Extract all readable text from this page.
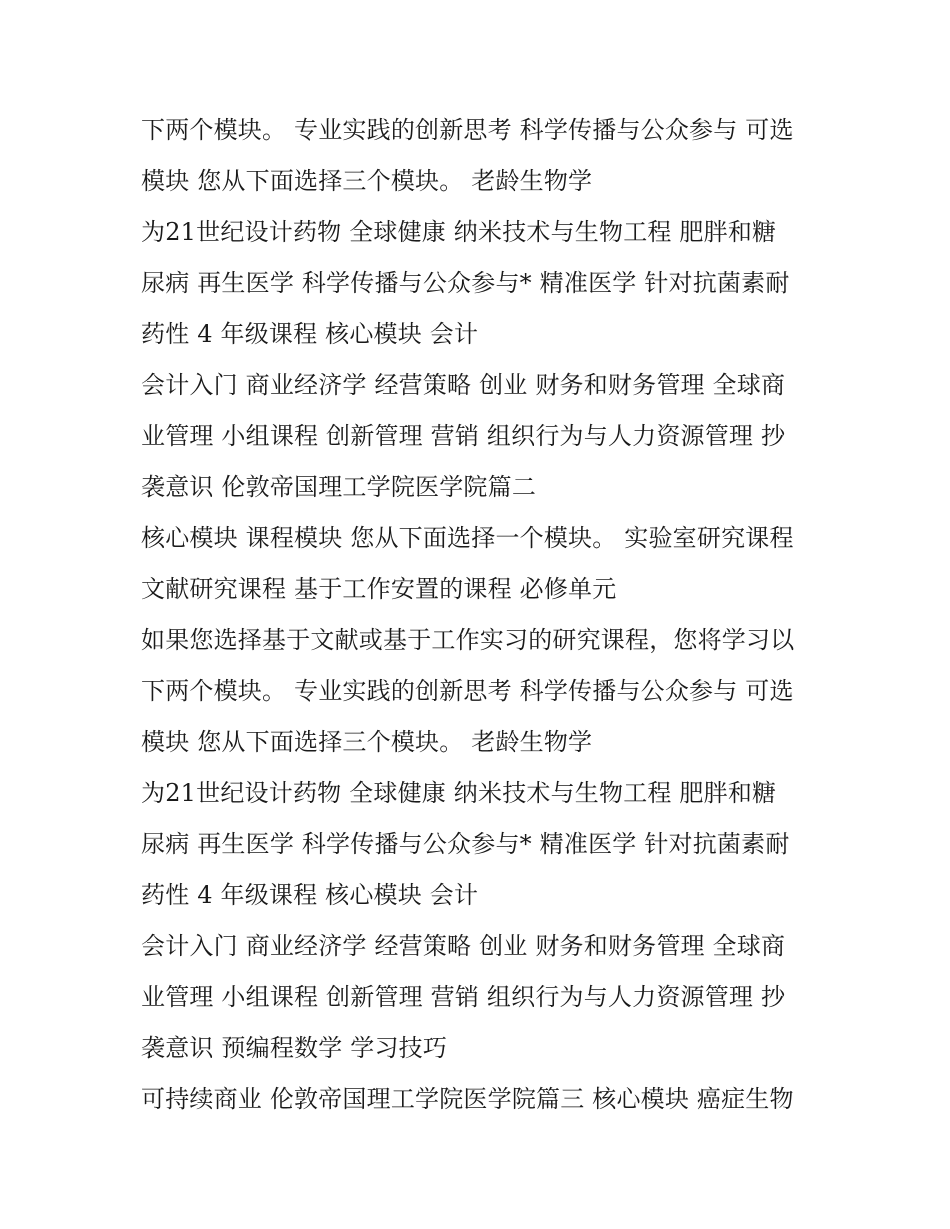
下两个模块。 专业实践的创新思考 科学传播与公众参与 可选
模块 您从下面选择三个模块。 老龄生物学
为21世纪设计药物 全球健康 纳米技术与生物工程 肥胖和糖
尿病 再生医学 科学传播与公众参与* 精准医学 针对抗菌素耐
药性 4 年级课程 核心模块 会计
会计入门 商业经济学 经营策略 创业 财务和财务管理 全球商
业管理 小组课程 创新管理 营销 组织行为与人力资源管理 抄
袭意识 伦敦帝国理工学院医学院篇二
核心模块 课程模块 您从下面选择一个模块。 实验室研究课程
文献研究课程 基于工作安置的课程 必修单元
如果您选择基于文献或基于工作实习的研究课程，您将学习以
下两个模块。 专业实践的创新思考 科学传播与公众参与 可选
模块 您从下面选择三个模块。 老龄生物学
为21世纪设计药物 全球健康 纳米技术与生物工程 肥胖和糖
尿病 再生医学 科学传播与公众参与* 精准医学 针对抗菌素耐
药性 4 年级课程 核心模块 会计
会计入门 商业经济学 经营策略 创业 财务和财务管理 全球商
业管理 小组课程 创新管理 营销 组织行为与人力资源管理 抄
袭意识 预编程数学 学习技巧
可持续商业 伦敦帝国理工学院医学院篇三 核心模块 癌症生物
